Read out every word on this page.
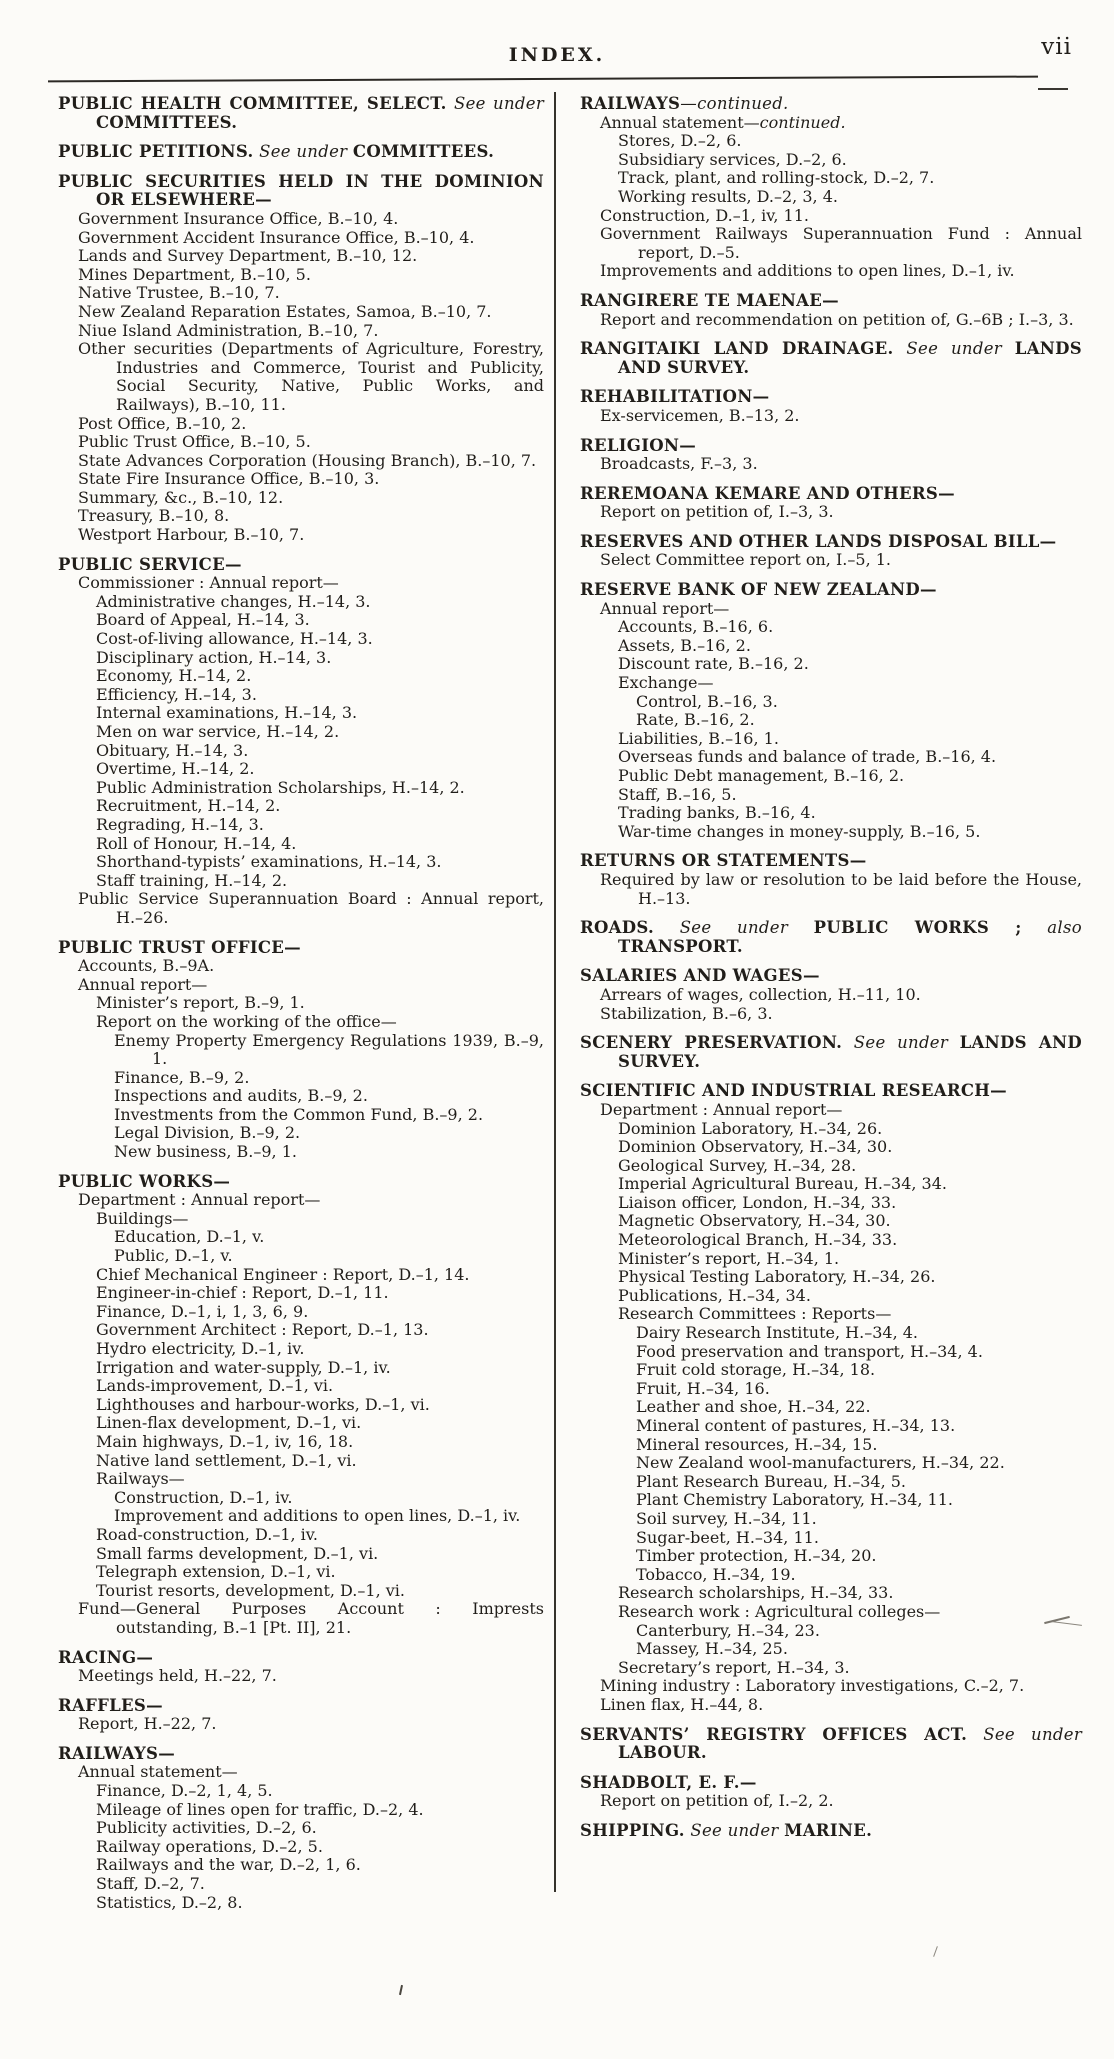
INDEX.	vii

PUBLIC HEALTH COMMITTEE, SELECT. See under COMMITTEES.

PUBLIC PETITIONS. See under COMMITTEES.

PUBLIC SECURITIES HELD IN THE DOMINION OR ELSEWHERE—

Government Insurance Office, B.–10, 4.

Government Accident Insurance Office, B.–10, 4.

Lands and Survey Department, B.–10, 12.

Mines Department, B.–10, 5.

Native Trustee, B.–10, 7.

New Zealand Reparation Estates, Samoa, B.–10, 7.

Niue Island Administration, B.–10, 7.

Other securities (Departments of Agriculture, Forestry, Industries and Commerce, Tourist and Publicity, Social Security, Native, Public Works, and Railways), B.–10, 11.

Post Office, B.–10, 2.

Public Trust Office, B.–10, 5.

State Advances Corporation (Housing Branch), B.–10, 7.

State Fire Insurance Office, B.–10, 3.

Summary, &c., B.–10, 12.

Treasury, B.–10, 8.

Westport Harbour, B.–10, 7.

PUBLIC SERVICE—

Commissioner : Annual report—

Administrative changes, H.–14, 3.

Board of Appeal, H.–14, 3.

Cost-of-living allowance, H.–14, 3.

Disciplinary action, H.–14, 3.

Economy, H.–14, 2.

Efficiency, H.–14, 3.

Internal examinations, H.–14, 3.

Men on war service, H.–14, 2.

Obituary, H.–14, 3.

Overtime, H.–14, 2.

Public Administration Scholarships, H.–14, 2.

Recruitment, H.–14, 2.

Regrading, H.–14, 3.

Roll of Honour, H.–14, 4.

Shorthand-typists’ examinations, H.–14, 3.

Staff training, H.–14, 2.

Public Service Superannuation Board : Annual report, H.–26.

PUBLIC TRUST OFFICE—

Accounts, B.–9A.

Annual report—

Minister’s report, B.–9, 1.

Report on the working of the office—

Enemy Property Emergency Regulations 1939, B.–9, 1.

Finance, B.–9, 2.

Inspections and audits, B.–9, 2.

Investments from the Common Fund, B.–9, 2.

Legal Division, B.–9, 2.

New business, B.–9, 1.

PUBLIC WORKS—

Department : Annual report—

Buildings—

Education, D.–1, v.

Public, D.–1, v.

Chief Mechanical Engineer : Report, D.–1, 14.

Engineer-in-chief : Report, D.–1, 11.

Finance, D.–1, i, 1, 3, 6, 9.

Government Architect : Report, D.–1, 13.

Hydro electricity, D.–1, iv.

Irrigation and water-supply, D.–1, iv.

Lands-improvement, D.–1, vi.

Lighthouses and harbour-works, D.–1, vi.

Linen-flax development, D.–1, vi.

Main highways, D.–1, iv, 16, 18.

Native land settlement, D.–1, vi.

Railways—

Construction, D.–1, iv.

Improvement and additions to open lines, D.–1, iv.

Road-construction, D.–1, iv.

Small farms development, D.–1, vi.

Telegraph extension, D.–1, vi.

Tourist resorts, development, D.–1, vi.

Fund—General Purposes Account : Imprests outstanding, B.–1 [Pt. II], 21.

RACING—

Meetings held, H.–22, 7.

RAFFLES—

Report, H.–22, 7.

RAILWAYS—

Annual statement—

Finance, D.–2, 1, 4, 5.

Mileage of lines open for traffic, D.–2, 4.

Publicity activities, D.–2, 6.

Railway operations, D.–2, 5.

Railways and the war, D.–2, 1, 6.

Staff, D.–2, 7.

Statistics, D.–2, 8.

RAILWAYS—continued.

Annual statement—continued.

Stores, D.–2, 6.

Subsidiary services, D.–2, 6.

Track, plant, and rolling-stock, D.–2, 7.

Working results, D.–2, 3, 4.

Construction, D.–1, iv, 11.

Government Railways Superannuation Fund : Annual report, D.–5.

Improvements and additions to open lines, D.–1, iv.

RANGIRERE TE MAENAE—

Report and recommendation on petition of, G.–6B ; I.–3, 3.

RANGITAIKI LAND DRAINAGE. See under LANDS AND SURVEY.

REHABILITATION—

Ex-servicemen, B.–13, 2.

RELIGION—

Broadcasts, F.–3, 3.

REREMOANA KEMARE AND OTHERS—

Report on petition of, I.–3, 3.

RESERVES AND OTHER LANDS DISPOSAL BILL—

Select Committee report on, I.–5, 1.

RESERVE BANK OF NEW ZEALAND—

Annual report—

Accounts, B.–16, 6.

Assets, B.–16, 2.

Discount rate, B.–16, 2.

Exchange—

Control, B.–16, 3.

Rate, B.–16, 2.

Liabilities, B.–16, 1.

Overseas funds and balance of trade, B.–16, 4.

Public Debt management, B.–16, 2.

Staff, B.–16, 5.

Trading banks, B.–16, 4.

War-time changes in money-supply, B.–16, 5.

RETURNS OR STATEMENTS—

Required by law or resolution to be laid before the House, H.–13.

ROADS. See under PUBLIC WORKS ; also TRANSPORT.

SALARIES AND WAGES—

Arrears of wages, collection, H.–11, 10.

Stabilization, B.–6, 3.

SCENERY PRESERVATION. See under LANDS AND SURVEY.

SCIENTIFIC AND INDUSTRIAL RESEARCH—

Department : Annual report—

Dominion Laboratory, H.–34, 26.

Dominion Observatory, H.–34, 30.

Geological Survey, H.–34, 28.

Imperial Agricultural Bureau, H.–34, 34.

Liaison officer, London, H.–34, 33.

Magnetic Observatory, H.–34, 30.

Meteorological Branch, H.–34, 33.

Minister’s report, H.–34, 1.

Physical Testing Laboratory, H.–34, 26.

Publications, H.–34, 34.

Research Committees : Reports—

Dairy Research Institute, H.–34, 4.

Food preservation and transport, H.–34, 4.

Fruit cold storage, H.–34, 18.

Fruit, H.–34, 16.

Leather and shoe, H.–34, 22.

Mineral content of pastures, H.–34, 13.

Mineral resources, H.–34, 15.

New Zealand wool-manufacturers, H.–34, 22.

Plant Research Bureau, H.–34, 5.

Plant Chemistry Laboratory, H.–34, 11.

Soil survey, H.–34, 11.

Sugar-beet, H.–34, 11.

Timber protection, H.–34, 20.

Tobacco, H.–34, 19.

Research scholarships, H.–34, 33.

Research work : Agricultural colleges—

Canterbury, H.–34, 23.

Massey, H.–34, 25.

Secretary’s report, H.–34, 3.

Mining industry : Laboratory investigations, C.–2, 7.

Linen flax, H.–44, 8.

SERVANTS’ REGISTRY OFFICES ACT. See under LABOUR.

SHADBOLT, E. F.—

Report on petition of, I.–2, 2.

SHIPPING. See under MARINE.
